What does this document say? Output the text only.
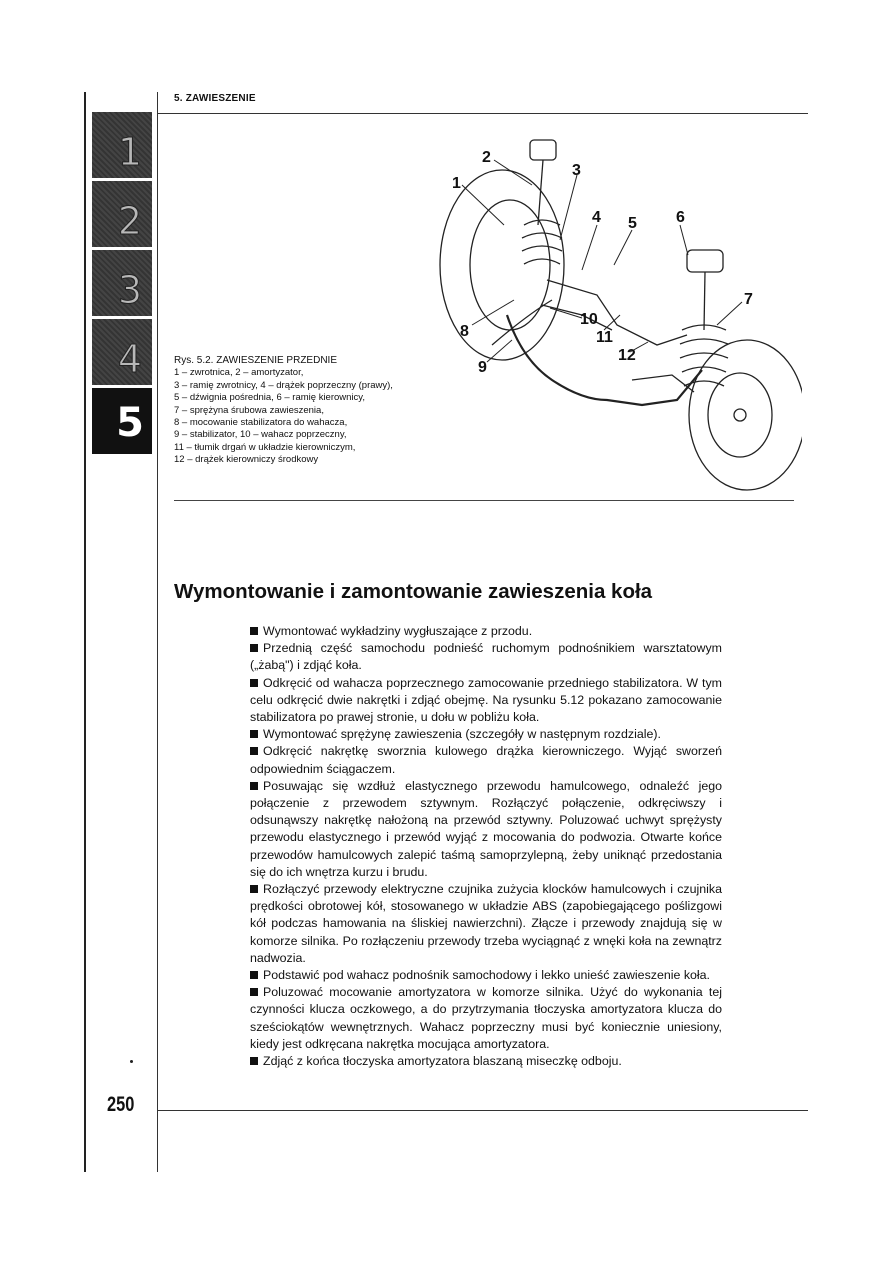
5. ZAWIESZENIE
1
2
3
4
5
1
2
3
4 5 6
7
8
9
10
11
12
Rys. 5.2. ZAWIESZENIE PRZEDNIE
1 – zwrotnica, 2 – amortyzator,
3 – ramię zwrotnicy, 4 – drążek poprzeczny (prawy),
5 – dźwignia pośrednia, 6 – ramię kierownicy,
7 – sprężyna śrubowa zawieszenia,
8 – mocowanie stabilizatora do wahacza,
9 – stabilizator, 10 – wahacz poprzeczny,
11 – tłumik drgań w układzie kierowniczym,
12 – drążek kierowniczy środkowy
Wymontowanie i zamontowanie zawieszenia koła

Wymontować wykładziny wygłuszające z przodu.

Przednią część samochodu podnieść ruchomym podnośnikiem warsztatowym („żabą") i zdjąć koła.

Odkręcić od wahacza poprzecznego zamocowanie przedniego stabilizatora. W tym celu odkręcić dwie nakrętki i zdjąć obejmę. Na rysunku 5.12 pokazano zamocowanie stabilizatora po prawej stronie, u dołu w pobliżu koła.

Wymontować sprężynę zawieszenia (szczegóły w następnym rozdziale).

Odkręcić nakrętkę sworznia kulowego drążka kierowniczego. Wyjąć sworzeń odpowiednim ściągaczem.

Posuwając się wzdłuż elastycznego przewodu hamulcowego, odnaleźć jego połączenie z przewodem sztywnym. Rozłączyć połączenie, odkręciwszy i odsunąwszy nakrętkę nałożoną na przewód sztywny. Poluzować uchwyt sprężysty przewodu elastycznego i przewód wyjąć z mocowania do podwozia. Otwarte końce przewodów hamulcowych zalepić taśmą samoprzylepną, żeby uniknąć przedostania się do ich wnętrza kurzu i brudu.

Rozłączyć przewody elektryczne czujnika zużycia klocków hamulcowych i czujnika prędkości obrotowej kół, stosowanego w układzie ABS (zapobiegającego poślizgowi kół podczas hamowania na śliskiej nawierzchni). Złącze i przewody znajdują się w komorze silnika. Po rozłączeniu przewody trzeba wyciągnąć z wnęki koła na zewnątrz nadwozia.

Podstawić pod wahacz podnośnik samochodowy i lekko unieść zawieszenie koła.

Poluzować mocowanie amortyzatora w komorze silnika. Użyć do wykonania tej czynności klucza oczkowego, a do przytrzymania tłoczyska amortyzatora klucza do sześciokątów wewnętrznych. Wahacz poprzeczny musi być koniecznie uniesiony, kiedy jest odkręcana nakrętka mocująca amortyzatora.

Zdjąć z końca tłoczyska amortyzatora blaszaną miseczkę odboju.

250
